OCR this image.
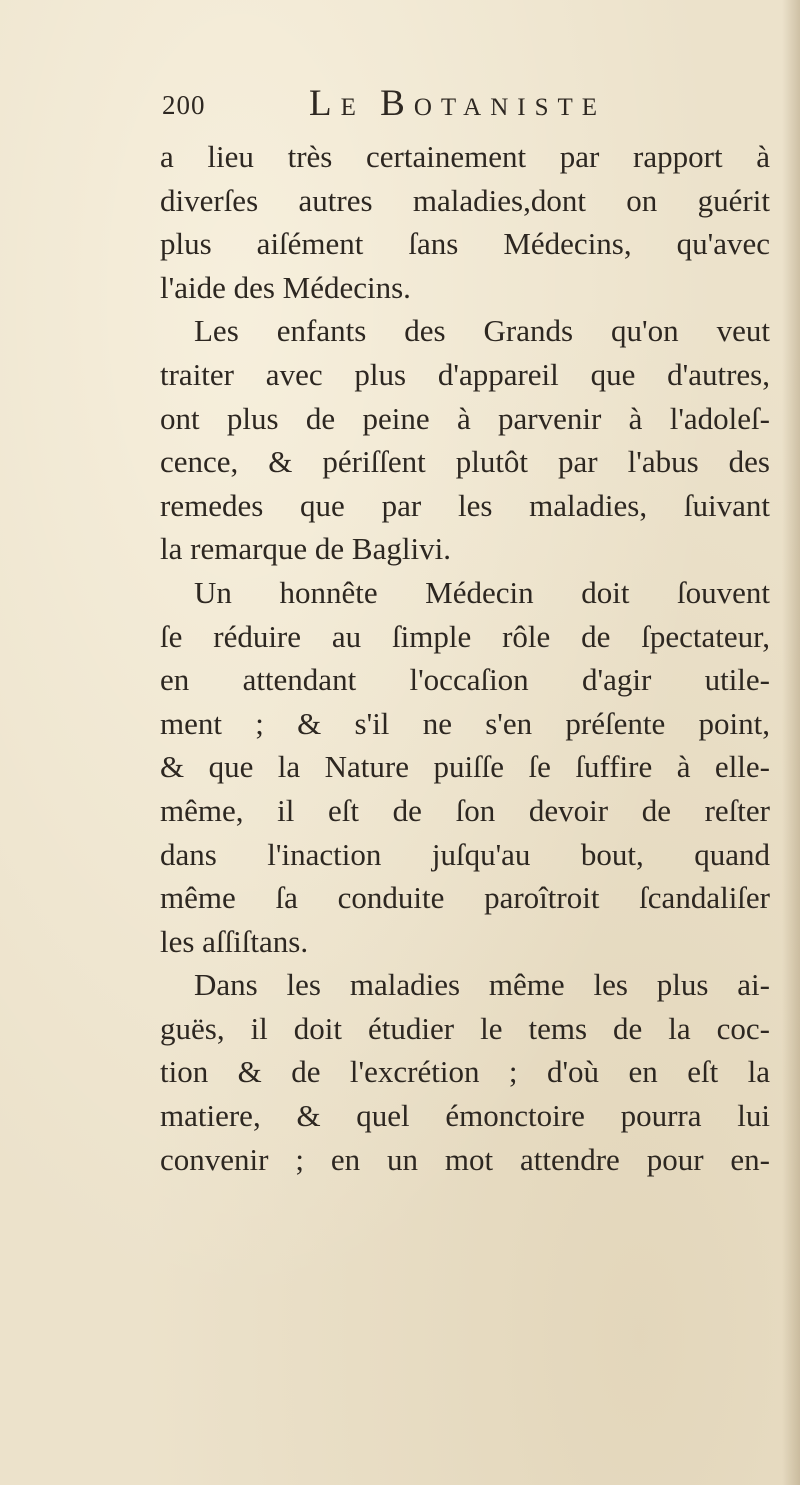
200	LE BOTANISTE
a lieu très certainement par rapport à
diverſes autres maladies,dont on guérit
plus aiſément ſans Médecins, qu'avec
l'aide des Médecins.
Les enfants des Grands qu'on veut
traiter avec plus d'appareil que d'autres,
ont plus de peine à parvenir à l'adoleſ-
cence, & périſſent plutôt par l'abus des
remedes que par les maladies, ſuivant
la remarque de Baglivi.
Un honnête Médecin doit ſouvent
ſe réduire au ſimple rôle de ſpectateur,
en attendant l'occaſion d'agir utile-
ment ; & s'il ne s'en préſente point,
& que la Nature puiſſe ſe ſuffire à elle-
même, il eſt de ſon devoir de reſter
dans l'inaction juſqu'au bout, quand
même ſa conduite paroîtroit ſcandaliſer
les aſſiſtans.
Dans les maladies même les plus ai-
guës, il doit étudier le tems de la coc-
tion & de l'excrétion ; d'où en eſt la
matiere, & quel émonctoire pourra lui
convenir ; en un mot attendre pour en-
